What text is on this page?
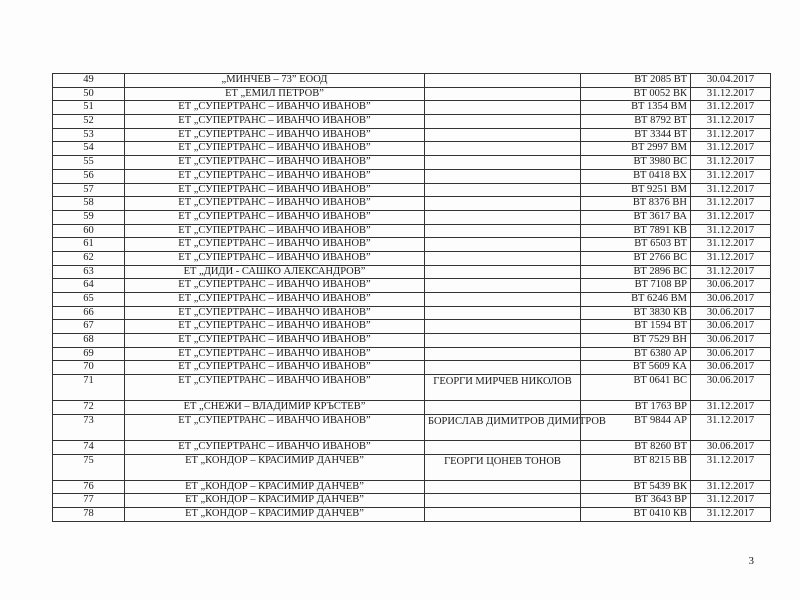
49	„МИНЧЕВ – 73” ЕООД		ВТ 2085 ВТ	30.04.2017
50	ЕТ „ЕМИЛ ПЕТРОВ”		ВТ 0052 ВК	31.12.2017
51	ЕТ „СУПЕРТРАНС – ИВАНЧО ИВАНОВ”		ВТ 1354 ВМ	31.12.2017
52	ЕТ „СУПЕРТРАНС – ИВАНЧО ИВАНОВ”		ВТ 8792 ВТ	31.12.2017
53	ЕТ „СУПЕРТРАНС – ИВАНЧО ИВАНОВ”		ВТ 3344 ВТ	31.12.2017
54	ЕТ „СУПЕРТРАНС – ИВАНЧО ИВАНОВ”		ВТ 2997 ВМ	31.12.2017
55	ЕТ „СУПЕРТРАНС – ИВАНЧО ИВАНОВ”		ВТ 3980 ВС	31.12.2017
56	ЕТ „СУПЕРТРАНС – ИВАНЧО ИВАНОВ”		ВТ 0418 ВХ	31.12.2017
57	ЕТ „СУПЕРТРАНС – ИВАНЧО ИВАНОВ”		ВТ 9251 ВМ	31.12.2017
58	ЕТ „СУПЕРТРАНС – ИВАНЧО ИВАНОВ”		ВТ 8376 ВН	31.12.2017
59	ЕТ „СУПЕРТРАНС – ИВАНЧО ИВАНОВ”		ВТ 3617 ВА	31.12.2017
60	ЕТ „СУПЕРТРАНС – ИВАНЧО ИВАНОВ”		ВТ 7891 КВ	31.12.2017
61	ЕТ „СУПЕРТРАНС – ИВАНЧО ИВАНОВ”		ВТ 6503 ВТ	31.12.2017
62	ЕТ „СУПЕРТРАНС – ИВАНЧО ИВАНОВ”		ВТ 2766 ВС	31.12.2017
63	ЕТ „ДИДИ - САШКО АЛЕКСАНДРОВ”		ВТ 2896 ВС	31.12.2017
64	ЕТ „СУПЕРТРАНС – ИВАНЧО ИВАНОВ”		ВТ 7108 ВР	30.06.2017
65	ЕТ „СУПЕРТРАНС – ИВАНЧО ИВАНОВ”		ВТ 6246 ВМ	30.06.2017
66	ЕТ „СУПЕРТРАНС – ИВАНЧО ИВАНОВ”		ВТ 3830 КВ	30.06.2017
67	ЕТ „СУПЕРТРАНС – ИВАНЧО ИВАНОВ”		ВТ 1594 ВТ	30.06.2017
68	ЕТ „СУПЕРТРАНС – ИВАНЧО ИВАНОВ”		ВТ 7529 ВН	30.06.2017
69	ЕТ „СУПЕРТРАНС – ИВАНЧО ИВАНОВ”		ВТ 6380 АР	30.06.2017
70	ЕТ „СУПЕРТРАНС – ИВАНЧО ИВАНОВ”		ВТ 5609 КА	30.06.2017
71	ЕТ „СУПЕРТРАНС – ИВАНЧО ИВАНОВ”	ГЕОРГИ МИРЧЕВ НИКОЛОВ	ВТ 0641 ВС	30.06.2017
72	ЕТ „СНЕЖИ – ВЛАДИМИР КРЪСТЕВ”		ВТ 1763 ВР	31.12.2017
73	ЕТ „СУПЕРТРАНС – ИВАНЧО ИВАНОВ”	БОРИСЛАВ ДИМИТРОВ ДИМИТРОВ	ВТ 9844 АР	31.12.2017
74	ЕТ „СУПЕРТРАНС – ИВАНЧО ИВАНОВ”		ВТ 8260 ВТ	30.06.2017
75	ЕТ „КОНДОР – КРАСИМИР ДАНЧЕВ”	ГЕОРГИ ЦОНЕВ ТОНОВ	ВТ 8215 ВВ	31.12.2017
76	ЕТ „КОНДОР – КРАСИМИР ДАНЧЕВ”		ВТ 5439 ВК	31.12.2017
77	ЕТ „КОНДОР – КРАСИМИР ДАНЧЕВ”		ВТ 3643 ВР	31.12.2017
78	ЕТ „КОНДОР – КРАСИМИР ДАНЧЕВ”		ВТ 0410 КВ	31.12.2017
3
